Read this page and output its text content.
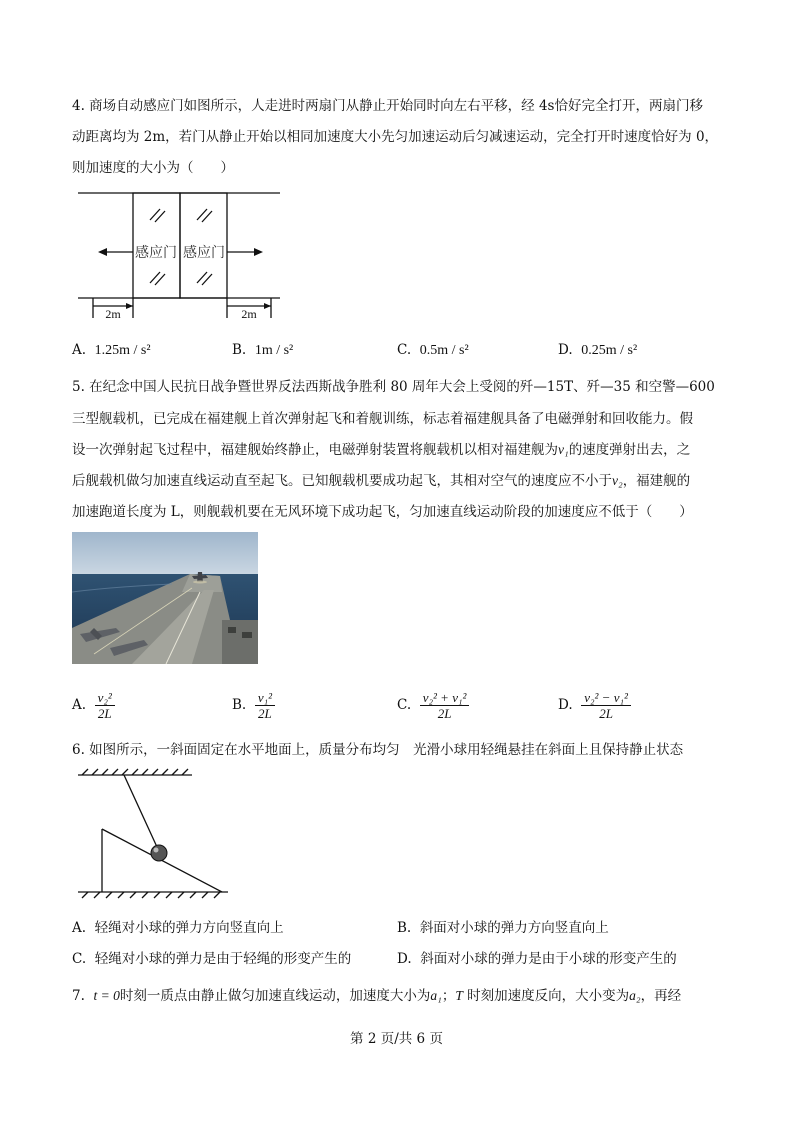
4. 商场自动感应门如图所示，人走进时两扇门从静止开始同时向左右平移，经 4s恰好完全打开，两扇门移
动距离均为 2m，若门从静止开始以相同加速度大小先匀加速运动后匀减速运动，完全打开时速度恰好为 0，
则加速度的大小为（　　）
感应门 感应门
2m	2m
A. 1.25m / s²	B. 1m / s²	C. 0.5m / s²	D. 0.25m / s²
5. 在纪念中国人民抗日战争暨世界反法西斯战争胜利 80 周年大会上受阅的歼—15T、歼—35 和空警—600
三型舰载机，已完成在福建舰上首次弹射起飞和着舰训练，标志着福建舰具备了电磁弹射和回收能力。假
设一次弹射起飞过程中，福建舰始终静止，电磁弹射装置将舰载机以相对福建舰为v₁的速度弹射出去，之
后舰载机做匀加速直线运动直至起飞。已知舰载机要成功起飞，其相对空气的速度应不小于v₂，福建舰的
加速跑道长度为 L，则舰载机要在无风环境下成功起飞，匀加速直线运动阶段的加速度应不低于（　　）
A. $\frac{\text{v₂²}}{2L}$	B. $\frac{\text{v₁²}}{2L}$	C. $\frac{\text{v₂² + v₁²}}{2L}$	D. $\frac{\text{v₂² − v₁²}}{2L}$
6. 如图所示，一斜面固定在水平地面上，质量分布均匀　光滑小球用轻绳悬挂在斜面上且保持静止状态
A. 轻绳对小球的弹力方向竖直向上	B. 斜面对小球的弹力方向竖直向上
C. 轻绳对小球的弹力是由于轻绳的形变产生的	D. 斜面对小球的弹力是由于小球的形变产生的
7. t = 0时刻一质点由静止做匀加速直线运动，加速度大小为a₁；T 时刻加速度反向，大小变为a₂，再经
第 2 页/共 6 页
